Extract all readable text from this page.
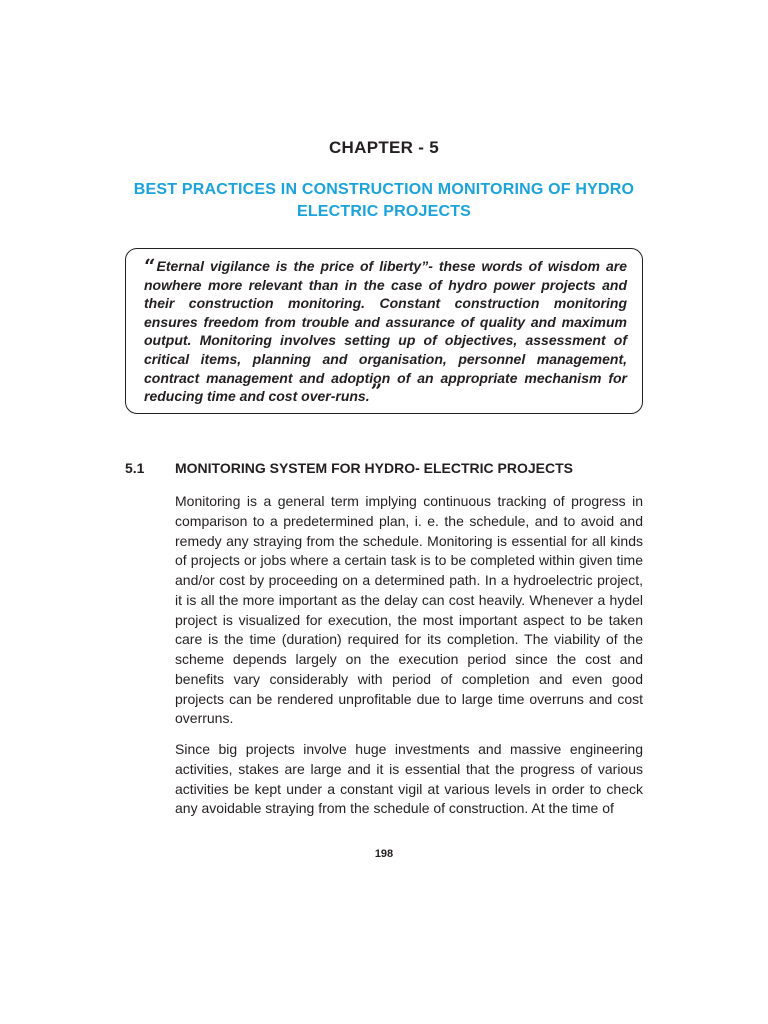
CHAPTER - 5
BEST PRACTICES IN CONSTRUCTION MONITORING OF HYDRO ELECTRIC PROJECTS
“Eternal vigilance is the price of liberty”- these words of wisdom are nowhere more relevant than in the case of hydro power projects and their construction monitoring. Constant construction monitoring ensures freedom from trouble and assurance of quality and maximum output. Monitoring involves setting up of objectives, assessment of critical items, planning and organisation, personnel management, contract management and adoption of an appropriate mechanism for reducing time and cost over-runs.”
5.1 MONITORING SYSTEM FOR HYDRO- ELECTRIC PROJECTS

Monitoring is a general term implying continuous tracking of progress in comparison to a predetermined plan, i. e. the schedule, and to avoid and remedy any straying from the schedule. Monitoring is essential for all kinds of projects or jobs where a certain task is to be completed within given time and/or cost by proceeding on a determined path. In a hydroelectric project, it is all the more important as the delay can cost heavily. Whenever a hydel project is visualized for execution, the most important aspect to be taken care is the time (duration) required for its completion. The viability of the scheme depends largely on the execution period since the cost and benefits vary considerably with period of completion and even good projects can be rendered unprofitable due to large time overruns and cost overruns.

Since big projects involve huge investments and massive engineering activities, stakes are large and it is essential that the progress of various activities be kept under a constant vigil at various levels in order to check any avoidable straying from the schedule of construction. At the time of

198
